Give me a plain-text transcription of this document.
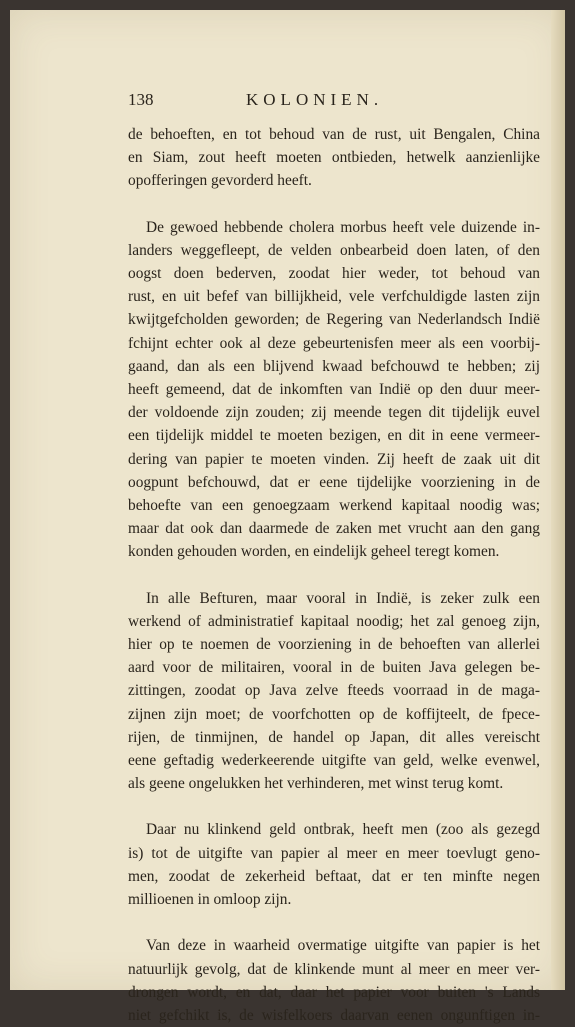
138	KOLONIEN.

de behoeften, en tot behoud van de rust, uit Bengalen, China
en Siam, zout heeft moeten ontbieden, hetwelk aanzienlijke
opofferingen gevorderd heeft.

De gewoed hebbende cholera morbus heeft vele duizende in-
landers weggefleept, de velden onbearbeid doen laten, of den
oogst doen bederven, zoodat hier weder, tot behoud van
rust, en uit befef van billijkheid, vele verfchuldigde lasten zijn
kwijtgefcholden geworden; de Regering van Nederlandsch Indië
fchijnt echter ook al deze gebeurtenisfen meer als een voorbij-
gaand, dan als een blijvend kwaad befchouwd te hebben; zij
heeft gemeend, dat de inkomften van Indië op den duur meer-
der voldoende zijn zouden; zij meende tegen dit tijdelijk euvel
een tijdelijk middel te moeten bezigen, en dit in eene vermeer-
dering van papier te moeten vinden. Zij heeft de zaak uit dit
oogpunt befchouwd, dat er eene tijdelijke voorziening in de
behoefte van een genoegzaam werkend kapitaal noodig was;
maar dat ook dan daarmede de zaken met vrucht aan den gang
konden gehouden worden, en eindelijk geheel teregt komen.

In alle Befturen, maar vooral in Indië, is zeker zulk een
werkend of administratief kapitaal noodig; het zal genoeg zijn,
hier op te noemen de voorziening in de behoeften van allerlei
aard voor de militairen, vooral in de buiten Java gelegen be-
zittingen, zoodat op Java zelve fteeds voorraad in de maga-
zijnen zijn moet; de voorfchotten op de koffijteelt, de fpece-
rijen, de tinmijnen, de handel op Japan, dit alles vereischt
eene geftadig wederkeerende uitgifte van geld, welke evenwel,
als geene ongelukken het verhinderen, met winst terug komt.

Daar nu klinkend geld ontbrak, heeft men (zoo als gezegd
is) tot de uitgifte van papier al meer en meer toevlugt geno-
men, zoodat de zekerheid beftaat, dat er ten minfte negen
millioenen in omloop zijn.

Van deze in waarheid overmatige uitgifte van papier is het
natuurlijk gevolg, dat de klinkende munt al meer en meer ver-
drongen wordt, en dat, daar het papier voor buiten 's Lands
niet gefchikt is, de wisfelkoers daarvan eenen ongunftigen in-
